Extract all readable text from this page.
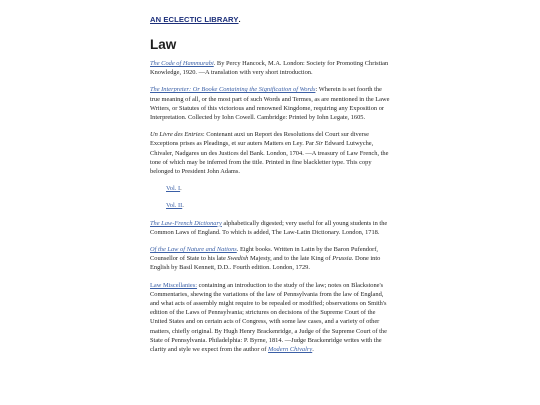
AN ECLECTIC LIBRARY.
Law

The Code of Hammurabi. By Percy Hancock, M.A. London: Society for Promoting Christian Knowledge, 1920. —A translation with very short introduction.

The Interpreter: Or Booke Containing the Signification of Words: Wherein is set foorth the true meaning of all, or the most part of such Words and Termes, as are mentioned in the Lawe Writers, or Statutes of this victorious and renowned Kingdome, requiring any Exposition or Interpretation. Collected by Iohn Cowell. Cambridge: Printed by Iohn Legate, 1605.

Un Livre des Entries: Contenant auxi un Report des Resolutions del Court sur diverse Exceptions prises as Pleadings, et sur auters Matters en Ley. Par Sir Edward Lutwyche, Chivaler, Nadgares un des Justices del Bank. London, 1704. —A treasury of Law French, the tone of which may be inferred from the title. Printed in fine blackletter type. This copy belonged to President John Adams.

Vol. I.

Vol. II.

The Law-French Dictionary alphabetically digested; very useful for all young students in the Common Laws of England. To which is added, The Law-Latin Dictionary. London, 1718.

Of the Law of Nature and Nations. Eight books. Written in Latin by the Baron Pufendorf, Counsellor of State to his late Swedish Majesty, and to the late King of Prussia. Done into English by Basil Kennett, D.D.. Fourth edition. London, 1729.

Law Miscellanies: containing an introduction to the study of the law; notes on Blackstone's Commentaries, shewing the variations of the law of Pennsylvania from the law of England, and what acts of assembly might require to be repealed or modified; observations on Smith's edition of the Laws of Pennsylvania; strictures on decisions of the Supreme Court of the United States and on certain acts of Congress, with some law cases, and a variety of other matters, chiefly original. By Hugh Henry Brackenridge, a Judge of the Supreme Court of the State of Pennsylvania. Philadelphia: P. Byrne, 1814. —Judge Brackenridge writes with the clarity and style we expect from the author of Modern Chivalry.
